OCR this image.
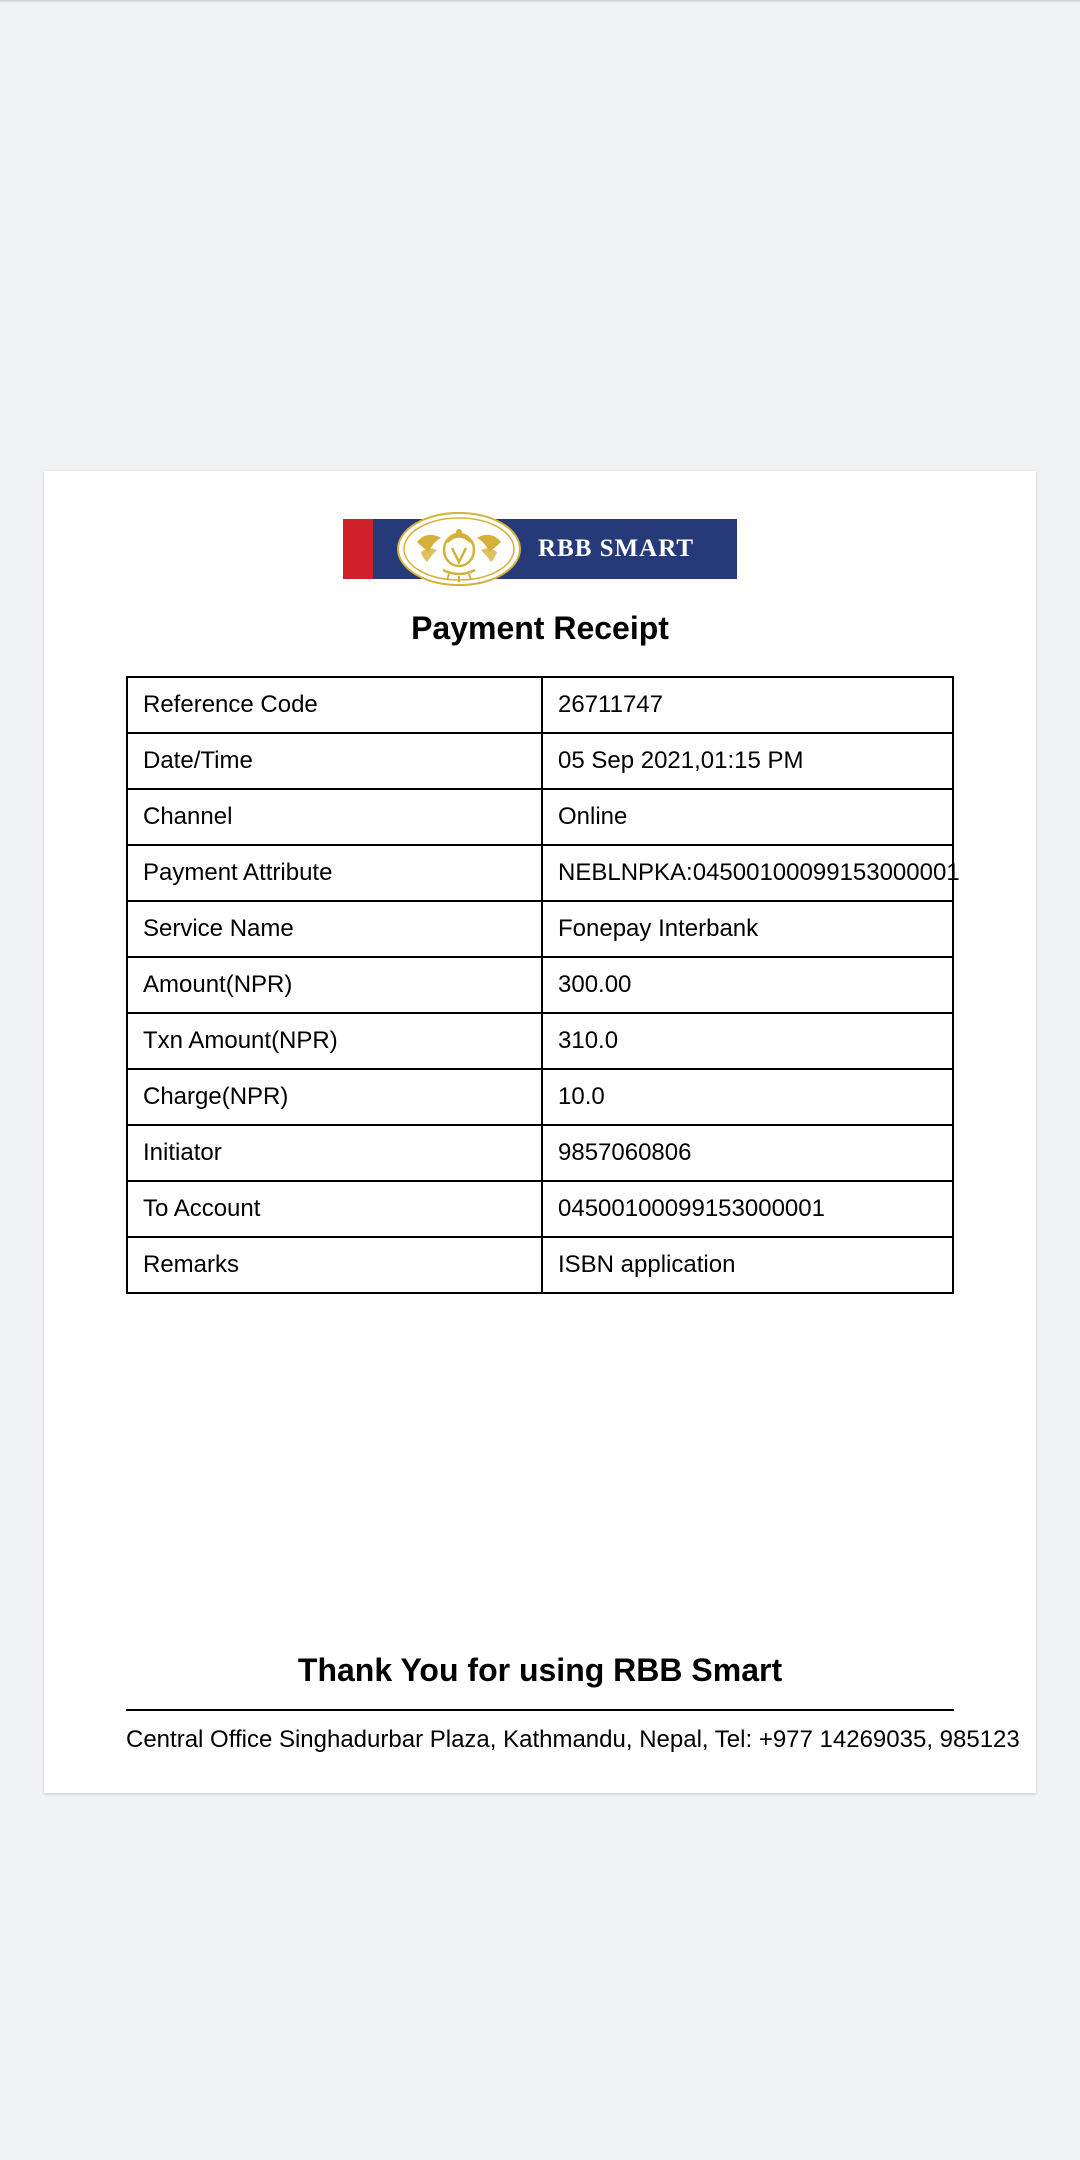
RBB SMART
Payment Receipt
Reference Code	26711747
Date/Time	05 Sep 2021,01:15 PM
Channel	Online
Payment Attribute	NEBLNPKA:04500100099153000001
Service Name	Fonepay Interbank
Amount(NPR)	300.00
Txn Amount(NPR)	310.0
Charge(NPR)	10.0
Initiator	9857060806
To Account	04500100099153000001
Remarks	ISBN application
Thank You for using RBB Smart
Central Office Singhadurbar Plaza, Kathmandu, Nepal, Tel: +977 14269035, 985123
